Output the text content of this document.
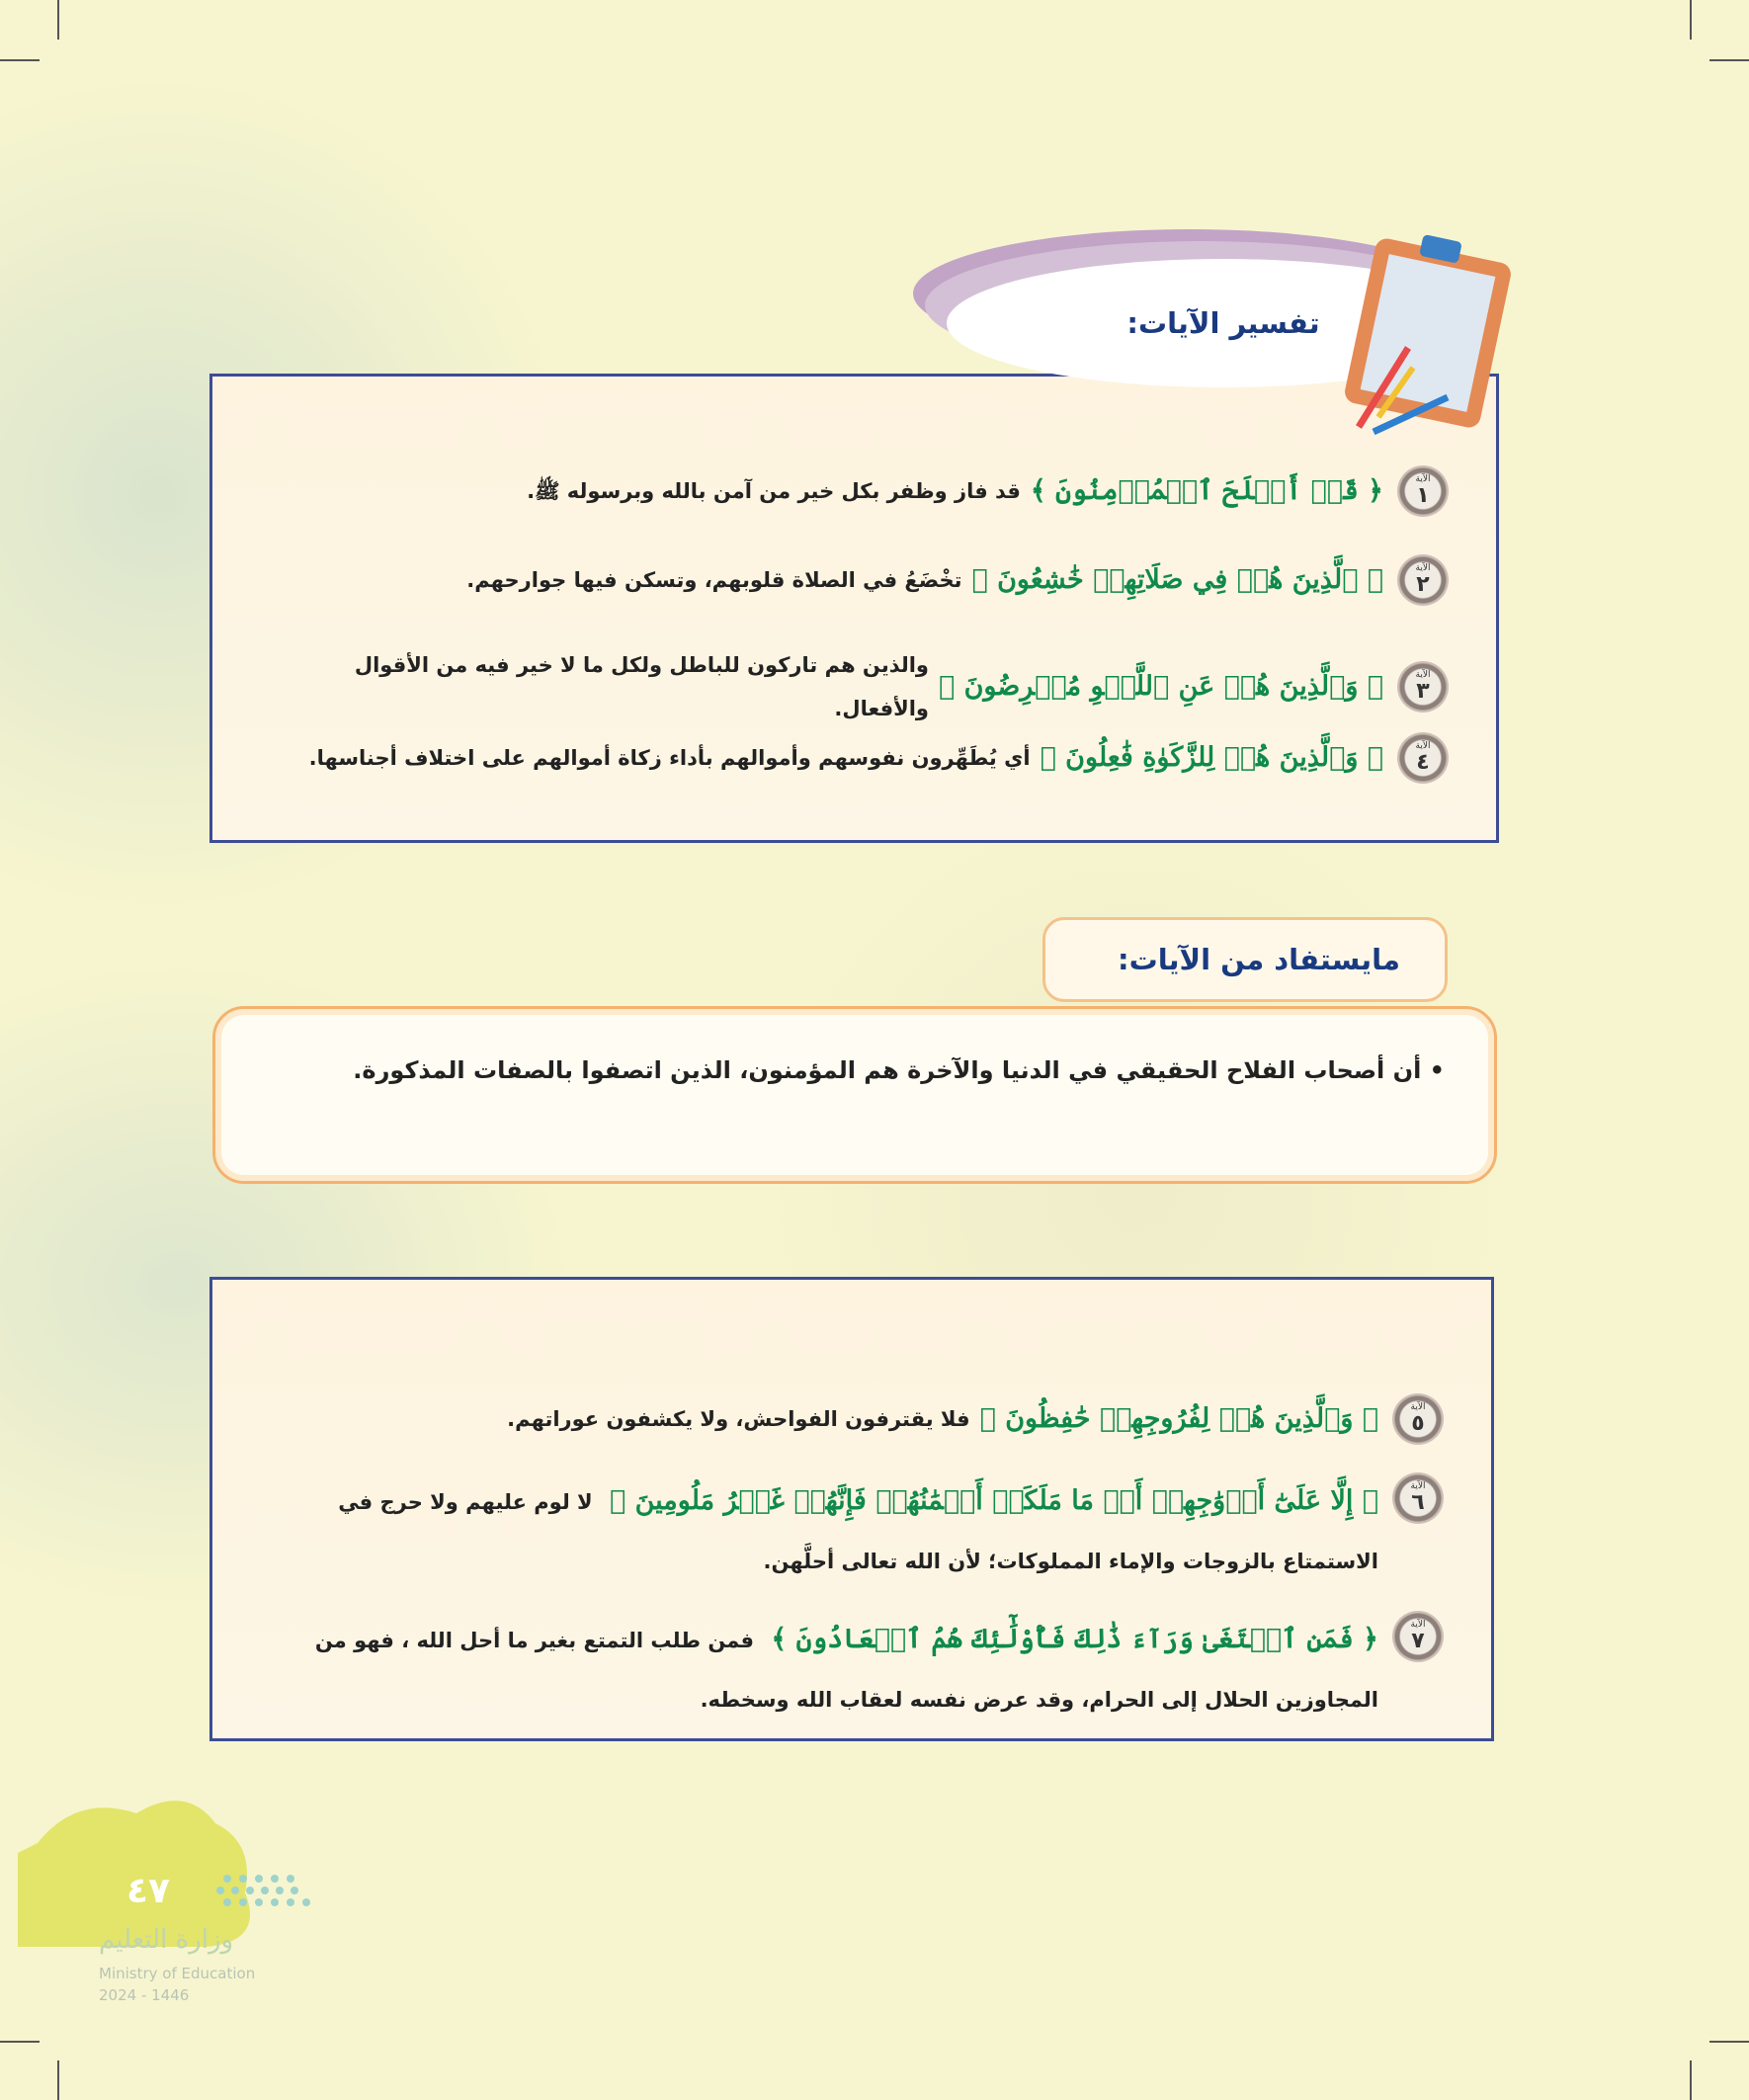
الآية
١
﴿ قَدۡ أَفۡلَحَ ٱلۡمُؤۡمِنُونَ ﴾
قد فاز وظفر بكل خير من آمن بالله وبرسوله ﷺ.
الآية
٢
﴿ ٱلَّذِينَ هُمۡ فِي صَلَاتِهِمۡ خَٰشِعُونَ ﴾
تخْضَعُ في الصلاة قلوبهم، وتسكن فيها جوارحهم.
الآية
٣
﴿ وَٱلَّذِينَ هُمۡ عَنِ ٱللَّغۡوِ مُعۡرِضُونَ ﴾
والذين هم تاركون للباطل ولكل ما لا خير فيه من الأقوال والأفعال.
الآية
٤
﴿ وَٱلَّذِينَ هُمۡ لِلزَّكَوٰةِ فَٰعِلُونَ ﴾
أي يُطَهِّرون نفوسهم وأموالهم بأداء زكاة أموالهم على اختلاف أجناسها.
تفسير الآيات:
مايستفاد من الآيات:
• أن أصحاب الفلاح الحقيقي في الدنيا والآخرة هم المؤمنون، الذين اتصفوا بالصفات المذكورة.
الآية
٥
﴿ وَٱلَّذِينَ هُمۡ لِفُرُوجِهِمۡ حَٰفِظُونَ ﴾
فلا يقترفون الفواحش، ولا يكشفون عوراتهم.
الآية
٦
﴿ إِلَّا عَلَىٰٓ أَزۡوَٰجِهِمۡ أَوۡ مَا مَلَكَتۡ أَيۡمَٰنُهُمۡ فَإِنَّهُمۡ غَيۡرُ مَلُومِينَ ﴾ لا لوم عليهم ولا حرج في الاستمتاع بالزوجات والإماء المملوكات؛ لأن الله تعالى أحلَّهن.
الآية
٧
﴿ فَمَنِ ٱبۡتَغَىٰ وَرَآءَ ذَٰلِكَ فَأُوْلَٰٓئِكَ هُمُ ٱلۡعَادُونَ ﴾ فمن طلب التمتع بغير ما أحل الله ، فهو من المجاوزين الحلال إلى الحرام، وقد عرض نفسه لعقاب الله وسخطه.
٤٧
وزارة التعليم
Ministry of Education
2024 - 1446
